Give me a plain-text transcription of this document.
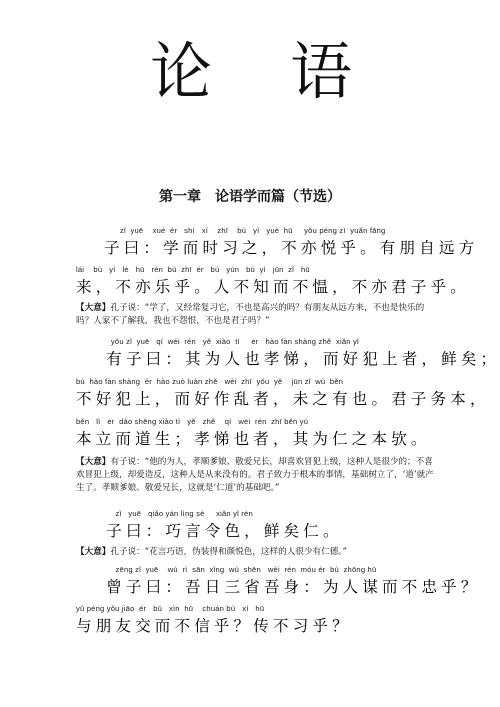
论 语
第一章　论语学而篇（节选）
zǐ  yuē    xué  ér   shí   xí    zhī    bù   yì   yuè  hū     yǒu péng zì  yuǎn fāng
子曰：学而时习之，不亦悦乎。有朋自远方
lái    bù   yì   lè   hū   rén  bù  zhī  ér   bú   yùn   bù  yì   jūn  zǐ   hū
来，不亦乐乎。人不知而不愠，不亦君子乎。
【大意】孔子说：“学了，又经常复习它，不也是高兴的吗？有朋友从远方来，不也是快乐的吗？人家不了解我，我也不怨恨，不也是君子吗？”
yǒu zǐ  yuē   qí  wéi  rén   yě  xiào  tì     ér   hào fàn shàng zhě  xiǎn yǐ
有子曰：其为人也孝悌，而好犯上者，鲜矣；
bù  hào fàn shàng  ér  hào zuò luàn zhě   wèi  zhī  yǒu  yě    jūn zǐ  wù  běn
不好犯上，而好作乱者，未之有也。君子务本，
běn   lì   ér  dào shēng xiào tì   yě   zhě    qí   wéi  rén  zhī běn yú
本立而道生；孝悌也者，其为仁之本欤。
【大意】有子说：“他的为人，孝顺爹娘、敬爱兄长，却喜欢冒犯上级，这种人是很少的；不喜欢冒犯上级，却爱造反，这种人是从来没有的。君子致力于根本的事情，基础树立了，‘道’就产生了。孝顺爹娘、敬爱兄长，这就是‘仁道’的基础吧。”
zǐ   yuē   qiǎo yán lìng sè     xiǎn yǐ rén
子曰：巧言令色，鲜矣仁。
【大意】孔子说：“花言巧语，伪装得和颜悦色，这样的人很少有仁德。”
zēng zǐ  yuē    wú  rì  sān  xǐng  wú  shēn   wèi  rén  móu ér  bù  zhōng hū
曾子曰：吾日三省吾身：为人谋而不忠乎？
yǔ péng yǒu jiāo  ér   bú   xìn  hū    chuán bù   xí   hū
与朋友交而不信乎？传不习乎？
